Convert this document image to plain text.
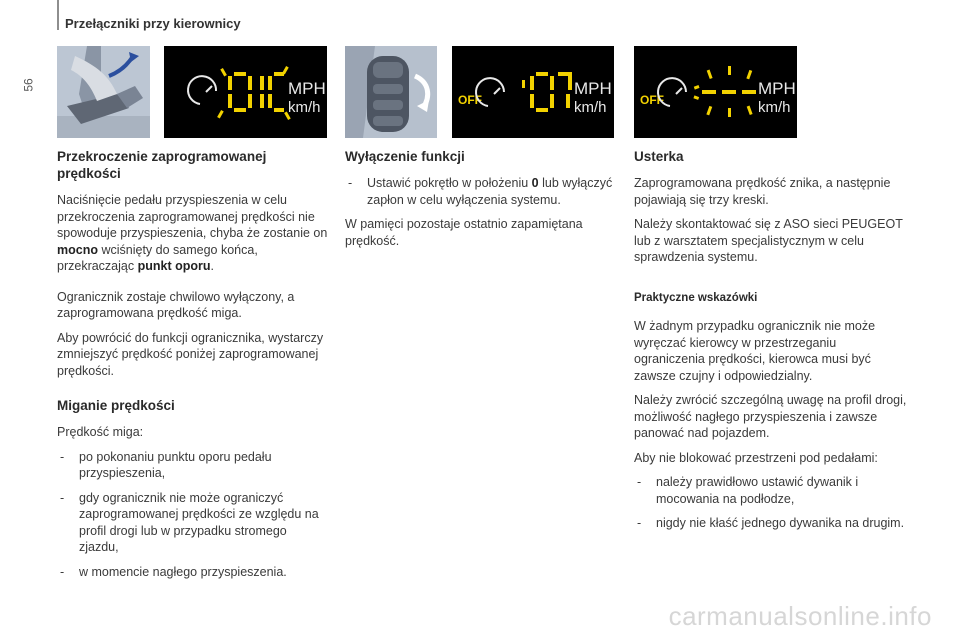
56
Przełączniki przy kierownicy
MPH
km/h	OFF
MPH
km/h	OFF
MPH
km/h
Przekroczenie zaprogramowanej prędkości

Naciśnięcie pedału przyspieszenia w celu przekroczenia zaprogramowanej prędkości nie spowoduje przyspieszenia, chyba że zostanie on mocno wciśnięty do samego końca, przekraczając punkt oporu.

Ogranicznik zostaje chwilowo wyłączony, a zaprogramowana prędkość miga.

Aby powrócić do funkcji ogranicznika, wystarczy zmniejszyć prędkość poniżej zaprogramowanej prędkości.

Miganie prędkości

Prędkość miga:

- po pokonaniu punktu oporu pedału przyspieszenia,
- gdy ogranicznik nie może ograniczyć zaprogramowanej prędkości ze względu na profil drogi lub w przypadku stromego zjazdu,
- w momencie nagłego przyspieszenia.
Wyłączenie funkcji
- Ustawić pokrętło w położeniu 0 lub wyłączyć zapłon w celu wyłączenia systemu.

W pamięci pozostaje ostatnio zapamiętana prędkość.

Usterka

Zaprogramowana prędkość znika, a następnie pojawiają się trzy kreski.

Należy skontaktować się z ASO sieci PEUGEOT lub z warsztatem specjalistycznym w celu sprawdzenia systemu.

Praktyczne wskazówki

W żadnym przypadku ogranicznik nie może wyręczać kierowcy w przestrzeganiu ograniczenia prędkości, kierowca musi być zawsze czujny i odpowiedzialny.

Należy zwrócić szczególną uwagę na profil drogi, możliwość nagłego przyspieszenia i zawsze panować nad pojazdem.

Aby nie blokować przestrzeni pod pedałami:

- należy prawidłowo ustawić dywanik i mocowania na podłodze,
- nigdy nie kłaść jednego dywanika na drugim.
carmanualsonline.info
